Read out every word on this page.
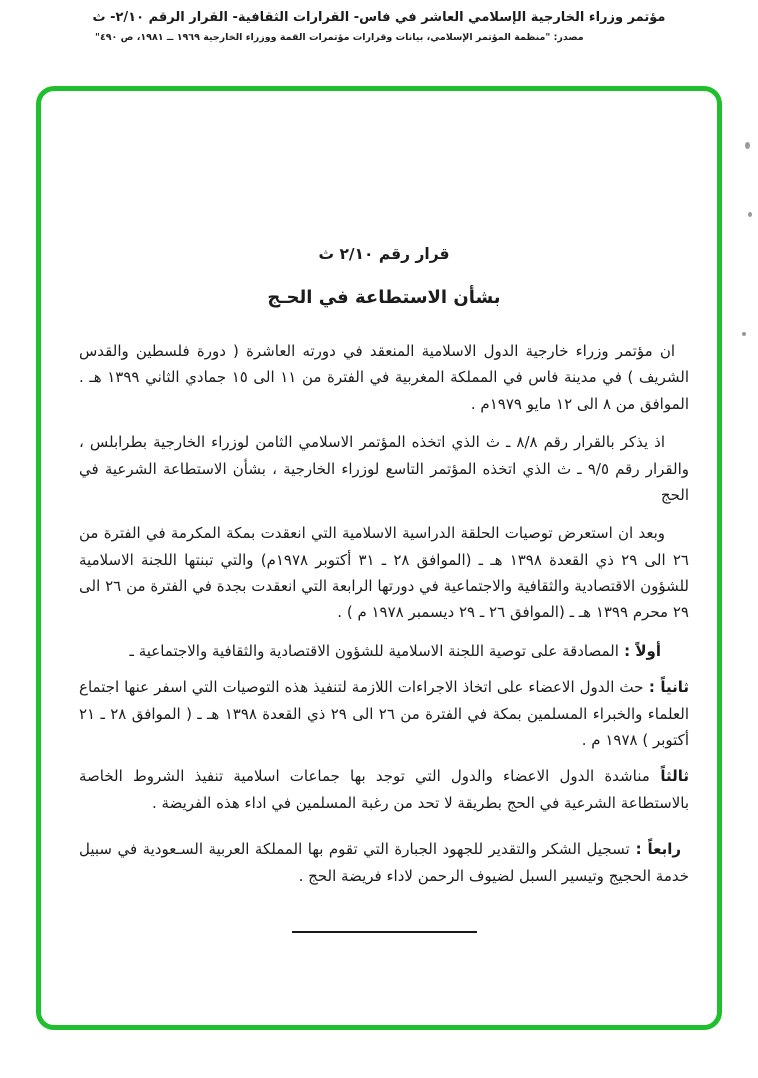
مؤتمر وزراء الخارجية الإسلامي العاشر في فاس- القرارات الثقافية- القرار الرقم ٢/١٠- ث
مصدر: "منظمة المؤتمر الإسلامي، بيانات وقرارات مؤتمرات القمة ووزراء الخارجية ١٩٦٩ ــ ١٩٨١، ص ٤٩٠"
قرار رقم ٢/١٠ ث
بشأن الاستطاعة في الحـج

ان مؤتمر وزراء خارجية الدول الاسلامية المنعقد في دورته العاشرة ( دورة فلسطين والقدس الشريف ) في مدينة فاس في المملكة المغربية في الفترة من ١١ الى ١٥ جمادي الثاني ١٣٩٩ هـ . الموافق من ٨ الى ١٢ مايو ١٩٧٩م .

اذ يذكر بالقرار رقم ٨/٨ ـ ث الذي اتخذه المؤتمر الاسلامي الثامن لوزراء الخارجية بطرابلس ، والقرار رقم ٩/٥ ـ ث الذي اتخذه المؤتمر التاسع لوزراء الخارجية ، بشأن الاستطاعة الشرعية في الحج

وبعد ان استعرض توصيات الحلقة الدراسية الاسلامية التي انعقدت بمكة المكرمة في الفترة من ٢٦ الى ٢٩ ذي القعدة ١٣٩٨ هـ ـ (الموافق ٢٨ ـ ٣١ أكتوبر ١٩٧٨م) والتي تبنتها اللجنة الاسلامية للشؤون الاقتصادية والثقافية والاجتماعية في دورتها الرابعة التي انعقدت بجدة في الفترة من ٢٦ الى ٢٩ محرم ١٣٩٩ هـ ـ (الموافق ٢٦ ـ ٢٩ ديسمبر ١٩٧٨ م ) .

أولاً : المصادقة على توصية اللجنة الاسلامية للشؤون الاقتصادية والثقافية والاجتماعية ـ

ثانياً : حث الدول الاعضاء على اتخاذ الاجراءات اللازمة لتنفيذ هذه التوصيات التي اسفر عنها اجتماع العلماء والخبراء المسلمين بمكة في الفترة من ٢٦ الى ٢٩ ذي القعدة ١٣٩٨ هـ ـ ( الموافق ٢٨ ـ ٢١ أكتوبر ) ١٩٧٨ م .

ثالثاً مناشدة الدول الاعضاء والدول التي توجد بها جماعات اسلامية تنفيذ الشروط الخاصة بالاستطاعة الشرعية في الحج بطريقة لا تحد من رغبة المسلمين في اداء هذه الفريضة .

رابعاً : تسجيل الشكر والتقدير للجهود الجبارة التي تقوم بها المملكة العربية السـعودية في سبيل خدمة الحجيج وتيسير السبل لضيوف الرحمن لاداء فريضة الحج .
